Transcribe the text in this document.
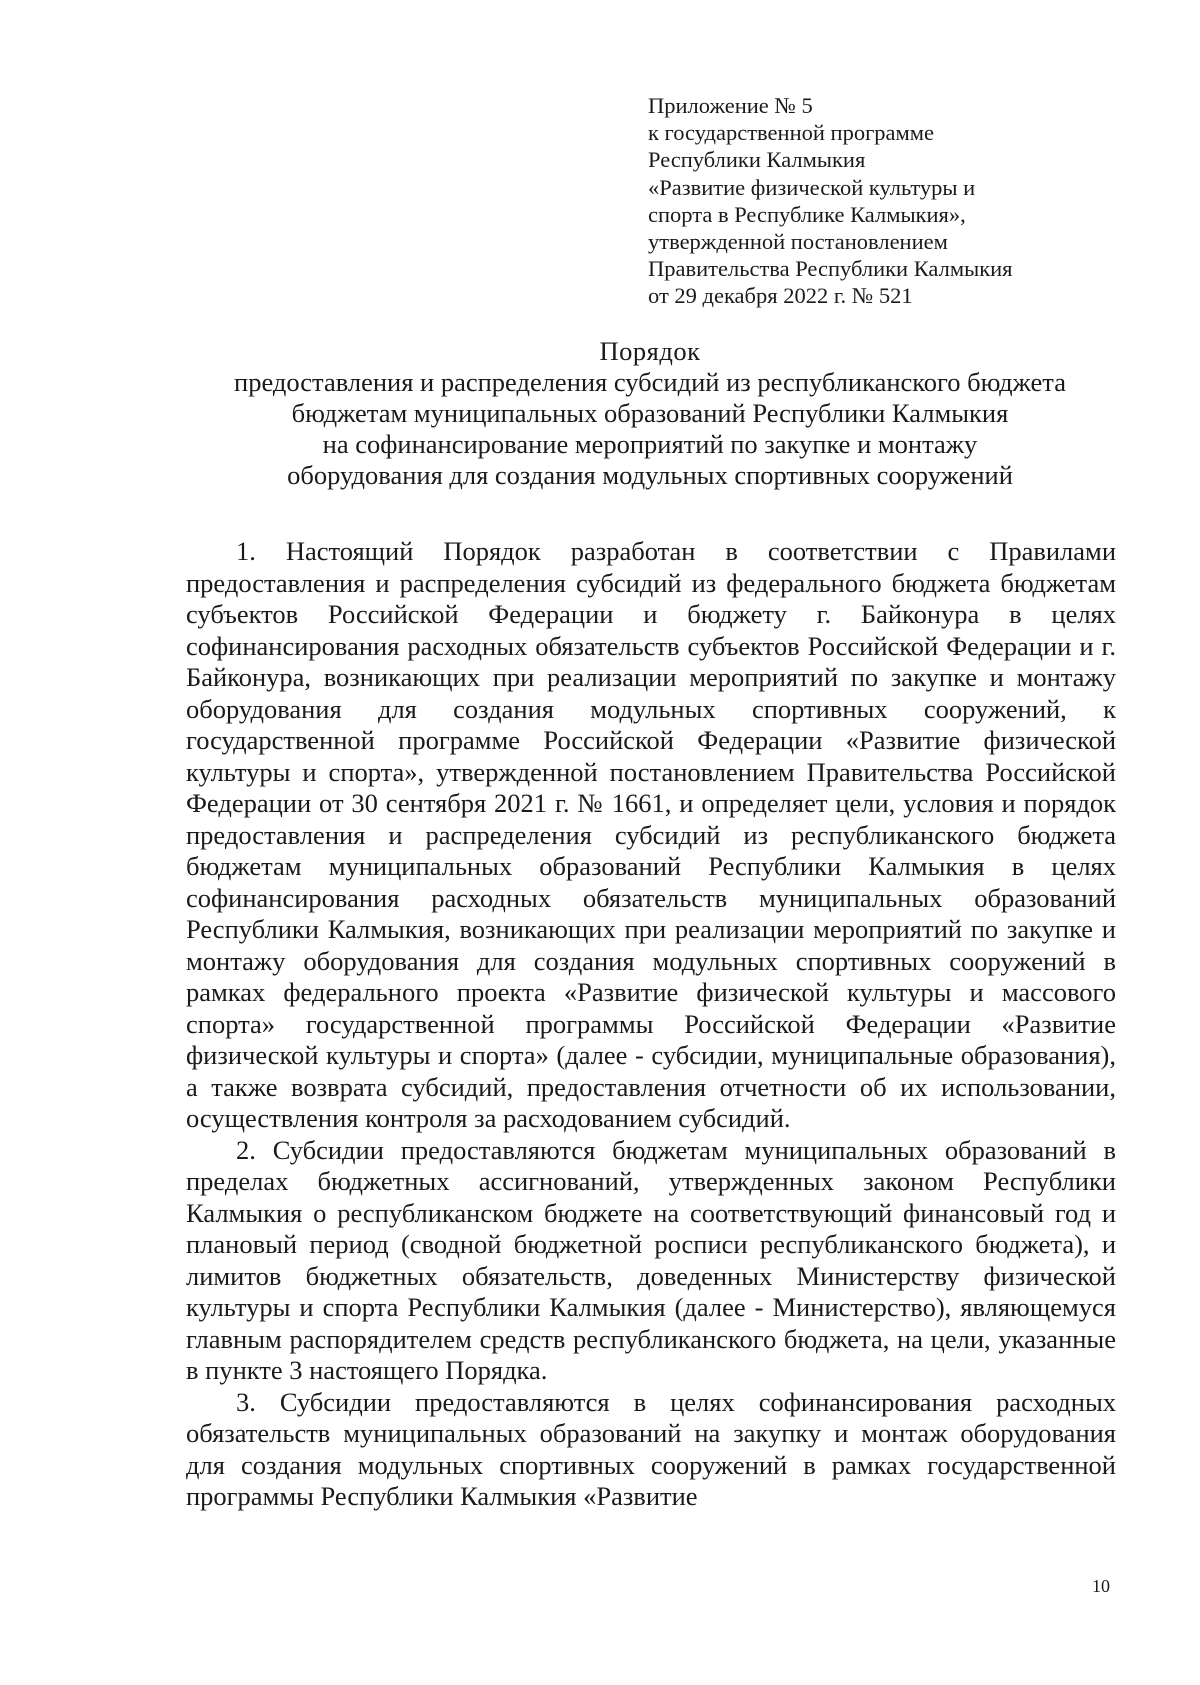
Приложение № 5
к государственной программе
Республики Калмыкия
«Развитие физической культуры и
спорта в Республике Калмыкия»,
утвержденной постановлением
Правительства Республики Калмыкия
от 29 декабря 2022 г. № 521
Порядок
предоставления и распределения субсидий из республиканского бюджета
бюджетам муниципальных образований Республики Калмыкия
на софинансирование мероприятий по закупке и монтажу
оборудования для создания модульных спортивных сооружений

1. Настоящий Порядок разработан в соответствии с Правилами предоставления и распределения субсидий из федерального бюджета бюджетам субъектов Российской Федерации и бюджету г. Байконура в целях софинансирования расходных обязательств субъектов Российской Федерации и г. Байконура, возникающих при реализации мероприятий по закупке и монтажу оборудования для создания модульных спортивных сооружений, к государственной программе Российской Федерации «Развитие физической культуры и спорта», утвержденной постановлением Правительства Российской Федерации от 30 сентября 2021 г. № 1661, и определяет цели, условия и порядок предоставления и распределения субсидий из республиканского бюджета бюджетам муниципальных образований Республики Калмыкия в целях софинансирования расходных обязательств муниципальных образований Республики Калмыкия, возникающих при реализации мероприятий по закупке и монтажу оборудования для создания модульных спортивных сооружений в рамках федерального проекта «Развитие физической культуры и массового спорта» государственной программы Российской Федерации «Развитие физической культуры и спорта» (далее - субсидии, муниципальные образования), а также возврата субсидий, предоставления отчетности об их использовании, осуществления контроля за расходованием субсидий.

2. Субсидии предоставляются бюджетам муниципальных образований в пределах бюджетных ассигнований, утвержденных законом Республики Калмыкия о республиканском бюджете на соответствующий финансовый год и плановый период (сводной бюджетной росписи республиканского бюджета), и лимитов бюджетных обязательств, доведенных Министерству физической культуры и спорта Республики Калмыкия (далее - Министерство), являющемуся главным распорядителем средств республиканского бюджета, на цели, указанные в пункте 3 настоящего Порядка.

3. Субсидии предоставляются в целях софинансирования расходных обязательств муниципальных образований на закупку и монтаж оборудования для создания модульных спортивных сооружений в рамках государственной программы Республики Калмыкия «Развитие

10
